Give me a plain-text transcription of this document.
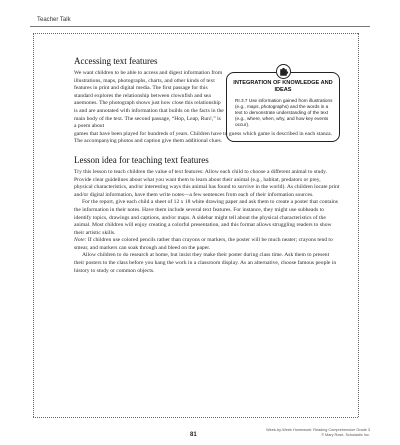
Teacher Talk
INTEGRATION OF KNOWLEDGE AND IDEAS
RI.3.7 Use information gained from illustrations (e.g., maps, photographs) and the words in a text to demonstrate understanding of the text (e.g., where, when, why, and how key events occur).
Accessing text features

We want children to be able to access and digest information from illustrations, maps, photographs, charts, and other kinds of text features in print and digital media. The first passage for this standard explores the relationship between clownfish and sea anemones. The photograph shows just how close this relationship is and are annotated with information that builds on the facts in the main body of the text. The second passage, “Hop, Leap, Run!,” is a poem about

games that have been played for hundreds of years. Children have to guess which game is described in each stanza. The accompanying photos and caption give them additional clues.

Lesson idea for teaching text features

Try this lesson to teach children the value of text features: Allow each child to choose a different animal to study. Provide clear guidelines about what you want them to learn about their animal (e.g., habitat, predators or prey, physical characteristics, and/or interesting ways this animal has found to survive in the world). As children locate print and/or digital information, have them write notes—a few sentences from each of their information sources.

For the report, give each child a sheet of 12 x 18 white drawing paper and ask them to create a poster that contains the information in their notes. Have them include several text features. For instance, they might use subheads to identify topics, drawings and captions, and/or maps. A sidebar might tell about the physical characteristics of the animal. Most children will enjoy creating a colorful presentation, and this format allows struggling readers to show their artistic skills.

Note: If children use colored pencils rather than crayons or markers, the poster will be much neater; crayons tend to smear, and markers can soak through and bleed on the paper.

Allow children to do research at home, but insist they make their poster during class time. Ask them to present their posters to the class before you hang the work in a classroom display. As an alternative, choose famous people in history to study or common objects.

81
Week-by-Week Homework: Reading Comprehension Grade 3
© Mary Rose, Scholastic Inc.
